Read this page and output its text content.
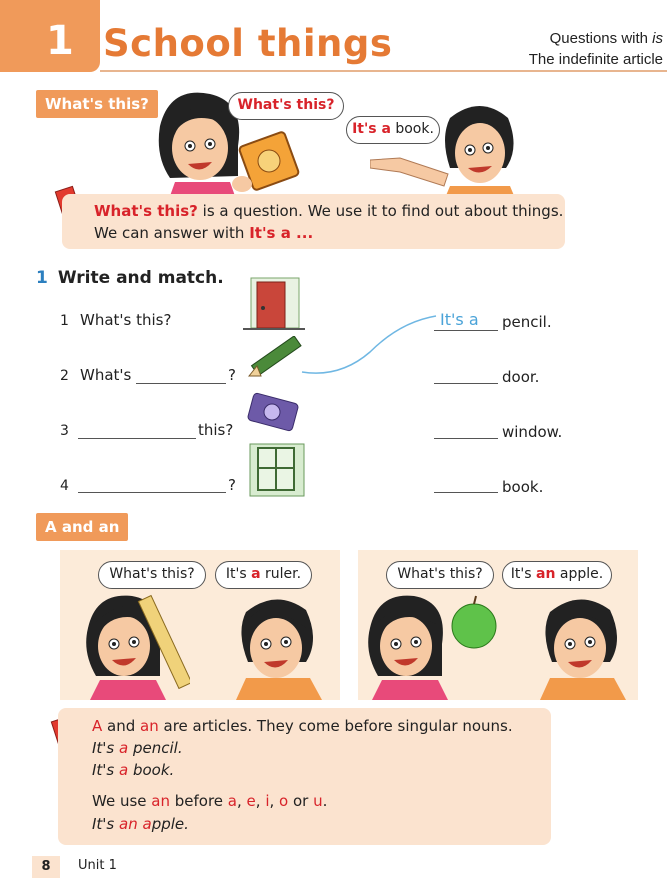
1 School things	Questions with is
The indefinite article
What's this?	What's this?
It's a book.
What's this? is a question. We use it to find out about things.
We can answer with It's a ...
1 Write and match.
1 What's this?	It's a pencil.
2 What's	?	door.
3	this?	window.
4	?	book.
A and an
What's this?	It's a ruler.	What's this?	It's an apple.
A and an are articles. They come before singular nouns.
It's a pencil.
It's a book.
We use an before a, e, i, o or u.
It's an apple.
8	Unit 1
